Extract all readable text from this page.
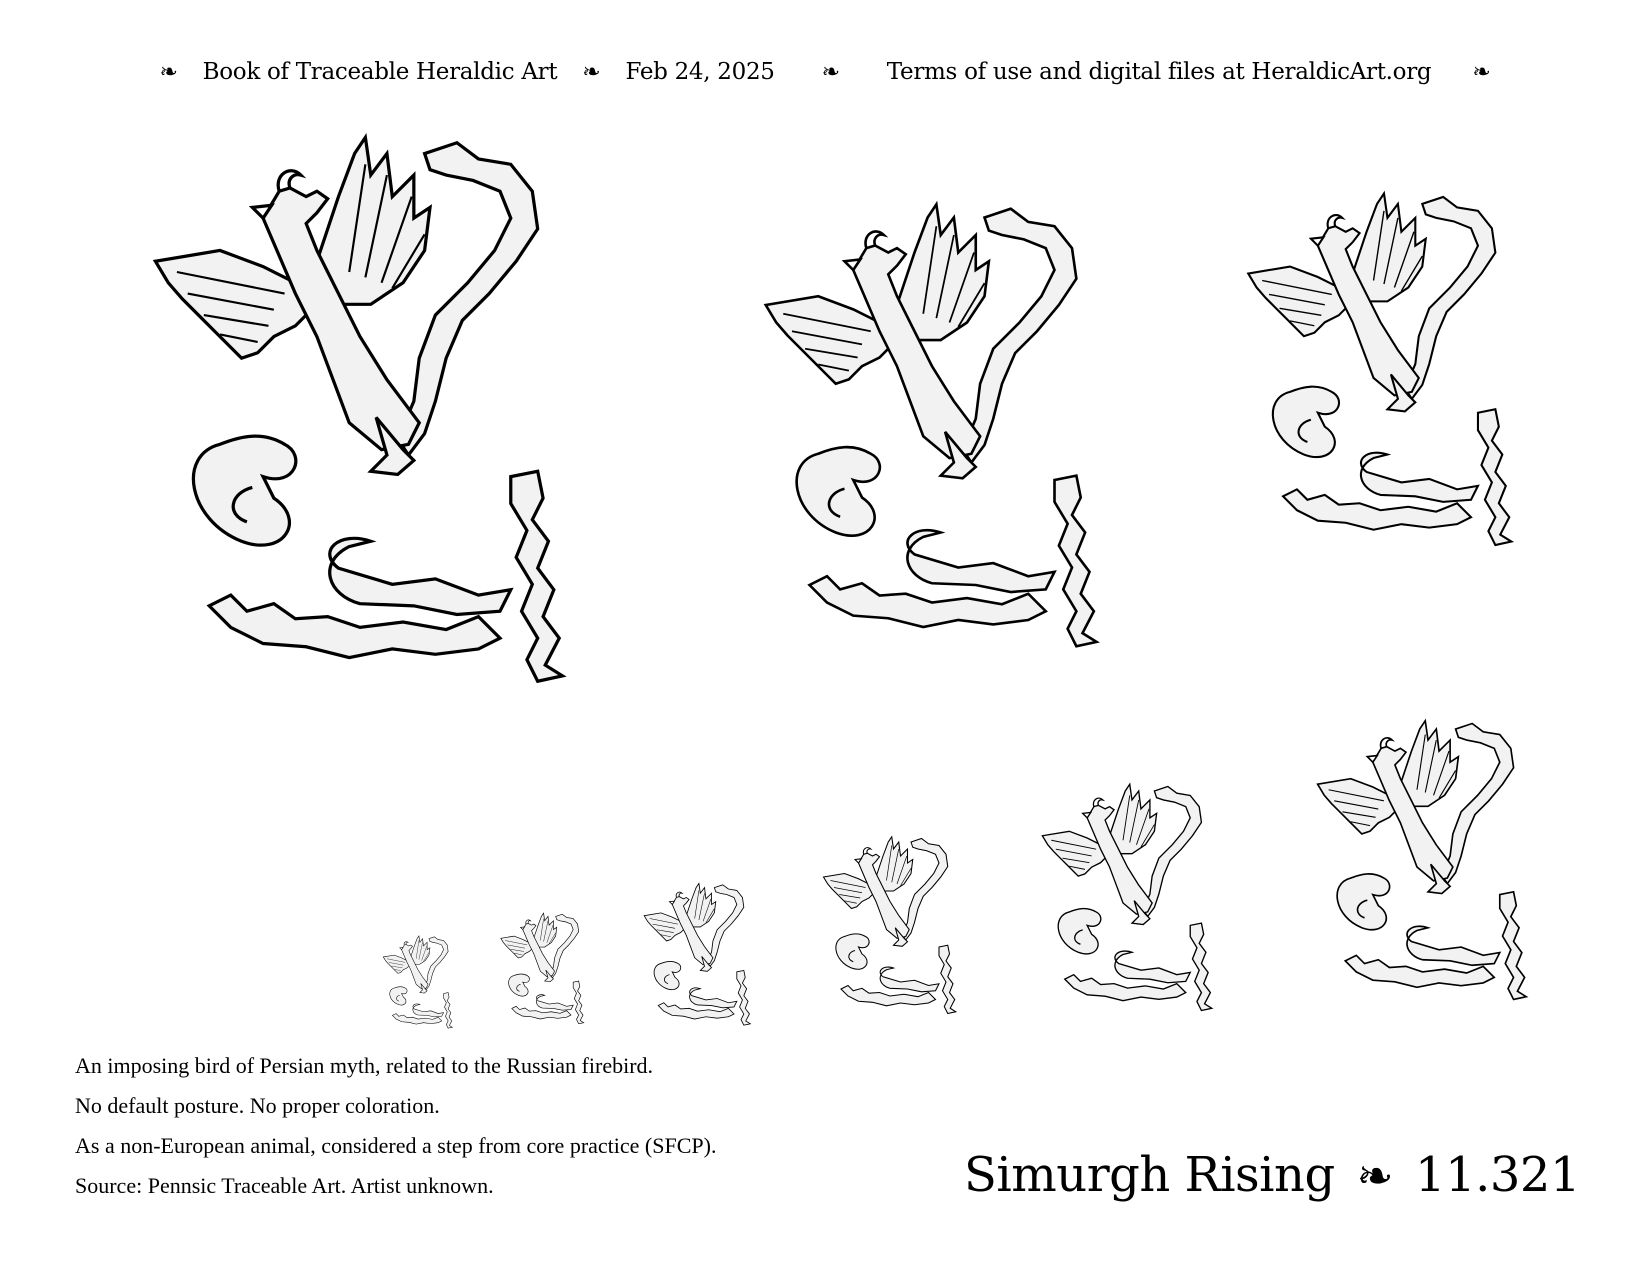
❧ Book of Traceable Heraldic Art ❧ Feb 24, 2025 ❧ Terms of use and digital files at HeraldicArt.org ❧
An imposing bird of Persian myth, related to the Russian firebird.
No default posture. No proper coloration.
As a non-European animal, considered a step from core practice (SFCP).
Source: Pennsic Traceable Art. Artist unknown.	Simurgh Rising ❧ 11.321
